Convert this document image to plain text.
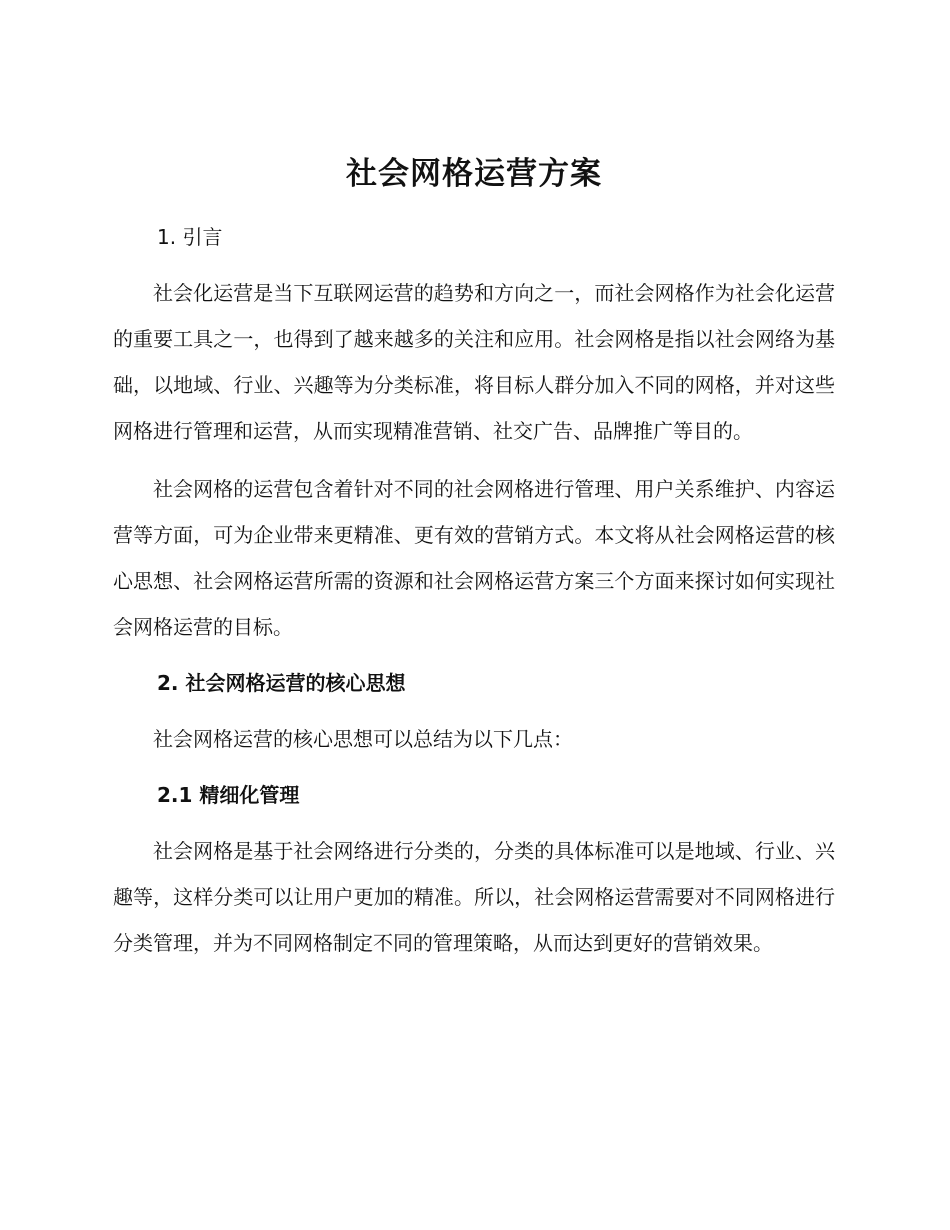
社会网格运营方案
1. 引言

社会化运营是当下互联网运营的趋势和方向之一，而社会网格作为社会化运营的重要工具之一，也得到了越来越多的关注和应用。社会网格是指以社会网络为基础，以地域、行业、兴趣等为分类标准，将目标人群分加入不同的网格，并对这些网格进行管理和运营，从而实现精准营销、社交广告、品牌推广等目的。

社会网格的运营包含着针对不同的社会网格进行管理、用户关系维护、内容运营等方面，可为企业带来更精准、更有效的营销方式。本文将从社会网格运营的核心思想、社会网格运营所需的资源和社会网格运营方案三个方面来探讨如何实现社会网格运营的目标。

2. 社会网格运营的核心思想

社会网格运营的核心思想可以总结为以下几点：

2.1 精细化管理

社会网格是基于社会网络进行分类的，分类的具体标准可以是地域、行业、兴趣等，这样分类可以让用户更加的精准。所以，社会网格运营需要对不同网格进行分类管理，并为不同网格制定不同的管理策略，从而达到更好的营销效果。
